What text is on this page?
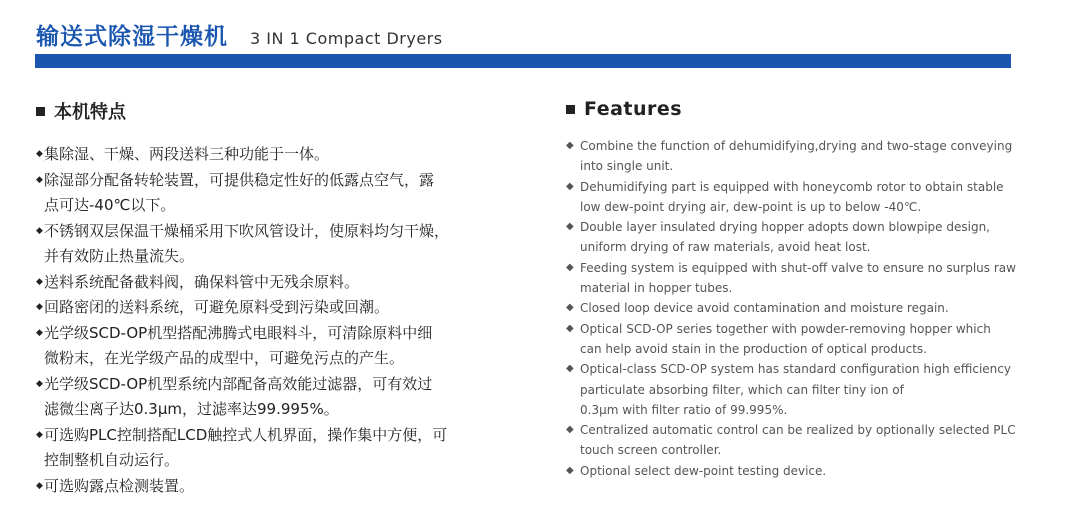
输送式除湿干燥机 3 IN 1 Compact Dryers
本机特点
◆ 集除湿、干燥、两段送料三种功能于一体。
◆ 除湿部分配备转轮装置，可提供稳定性好的低露点空气，露
点可达-40℃以下。
◆ 不锈钢双层保温干燥桶采用下吹风管设计，使原料均匀干燥，
并有效防止热量流失。
◆ 送料系统配备截料阀，确保料管中无残余原料。
◆ 回路密闭的送料系统，可避免原料受到污染或回潮。
◆ 光学级SCD-OP机型搭配沸腾式电眼料斗，可清除原料中细
微粉末，在光学级产品的成型中，可避免污点的产生。
◆ 光学级SCD-OP机型系统内部配备高效能过滤器，可有效过
滤微尘离子达0.3μm，过滤率达99.995%。
◆ 可选购PLC控制搭配LCD触控式人机界面，操作集中方便，可
控制整机自动运行。
◆ 可选购露点检测装置。
Features
◆ Combine the function of dehumidifying,drying and two-stage conveying
into single unit.
◆ Dehumidifying part is equipped with honeycomb rotor to obtain stable
low dew-point drying air, dew-point is up to below -40℃.
◆ Double layer insulated drying hopper adopts down blowpipe design,
uniform drying of raw materials, avoid heat lost.
◆ Feeding system is equipped with shut-off valve to ensure no surplus raw
material in hopper tubes.
◆ Closed loop device avoid contamination and moisture regain.
◆ Optical SCD-OP series together with powder-removing hopper which
can help avoid stain in the production of optical products.
◆ Optical-class SCD-OP system has standard configuration high efficiency
particulate absorbing filter, which can filter tiny ion of
0.3μm with filter ratio of 99.995%.
◆ Centralized automatic control can be realized by optionally selected PLC
touch screen controller.
◆ Optional select dew-point testing device.
